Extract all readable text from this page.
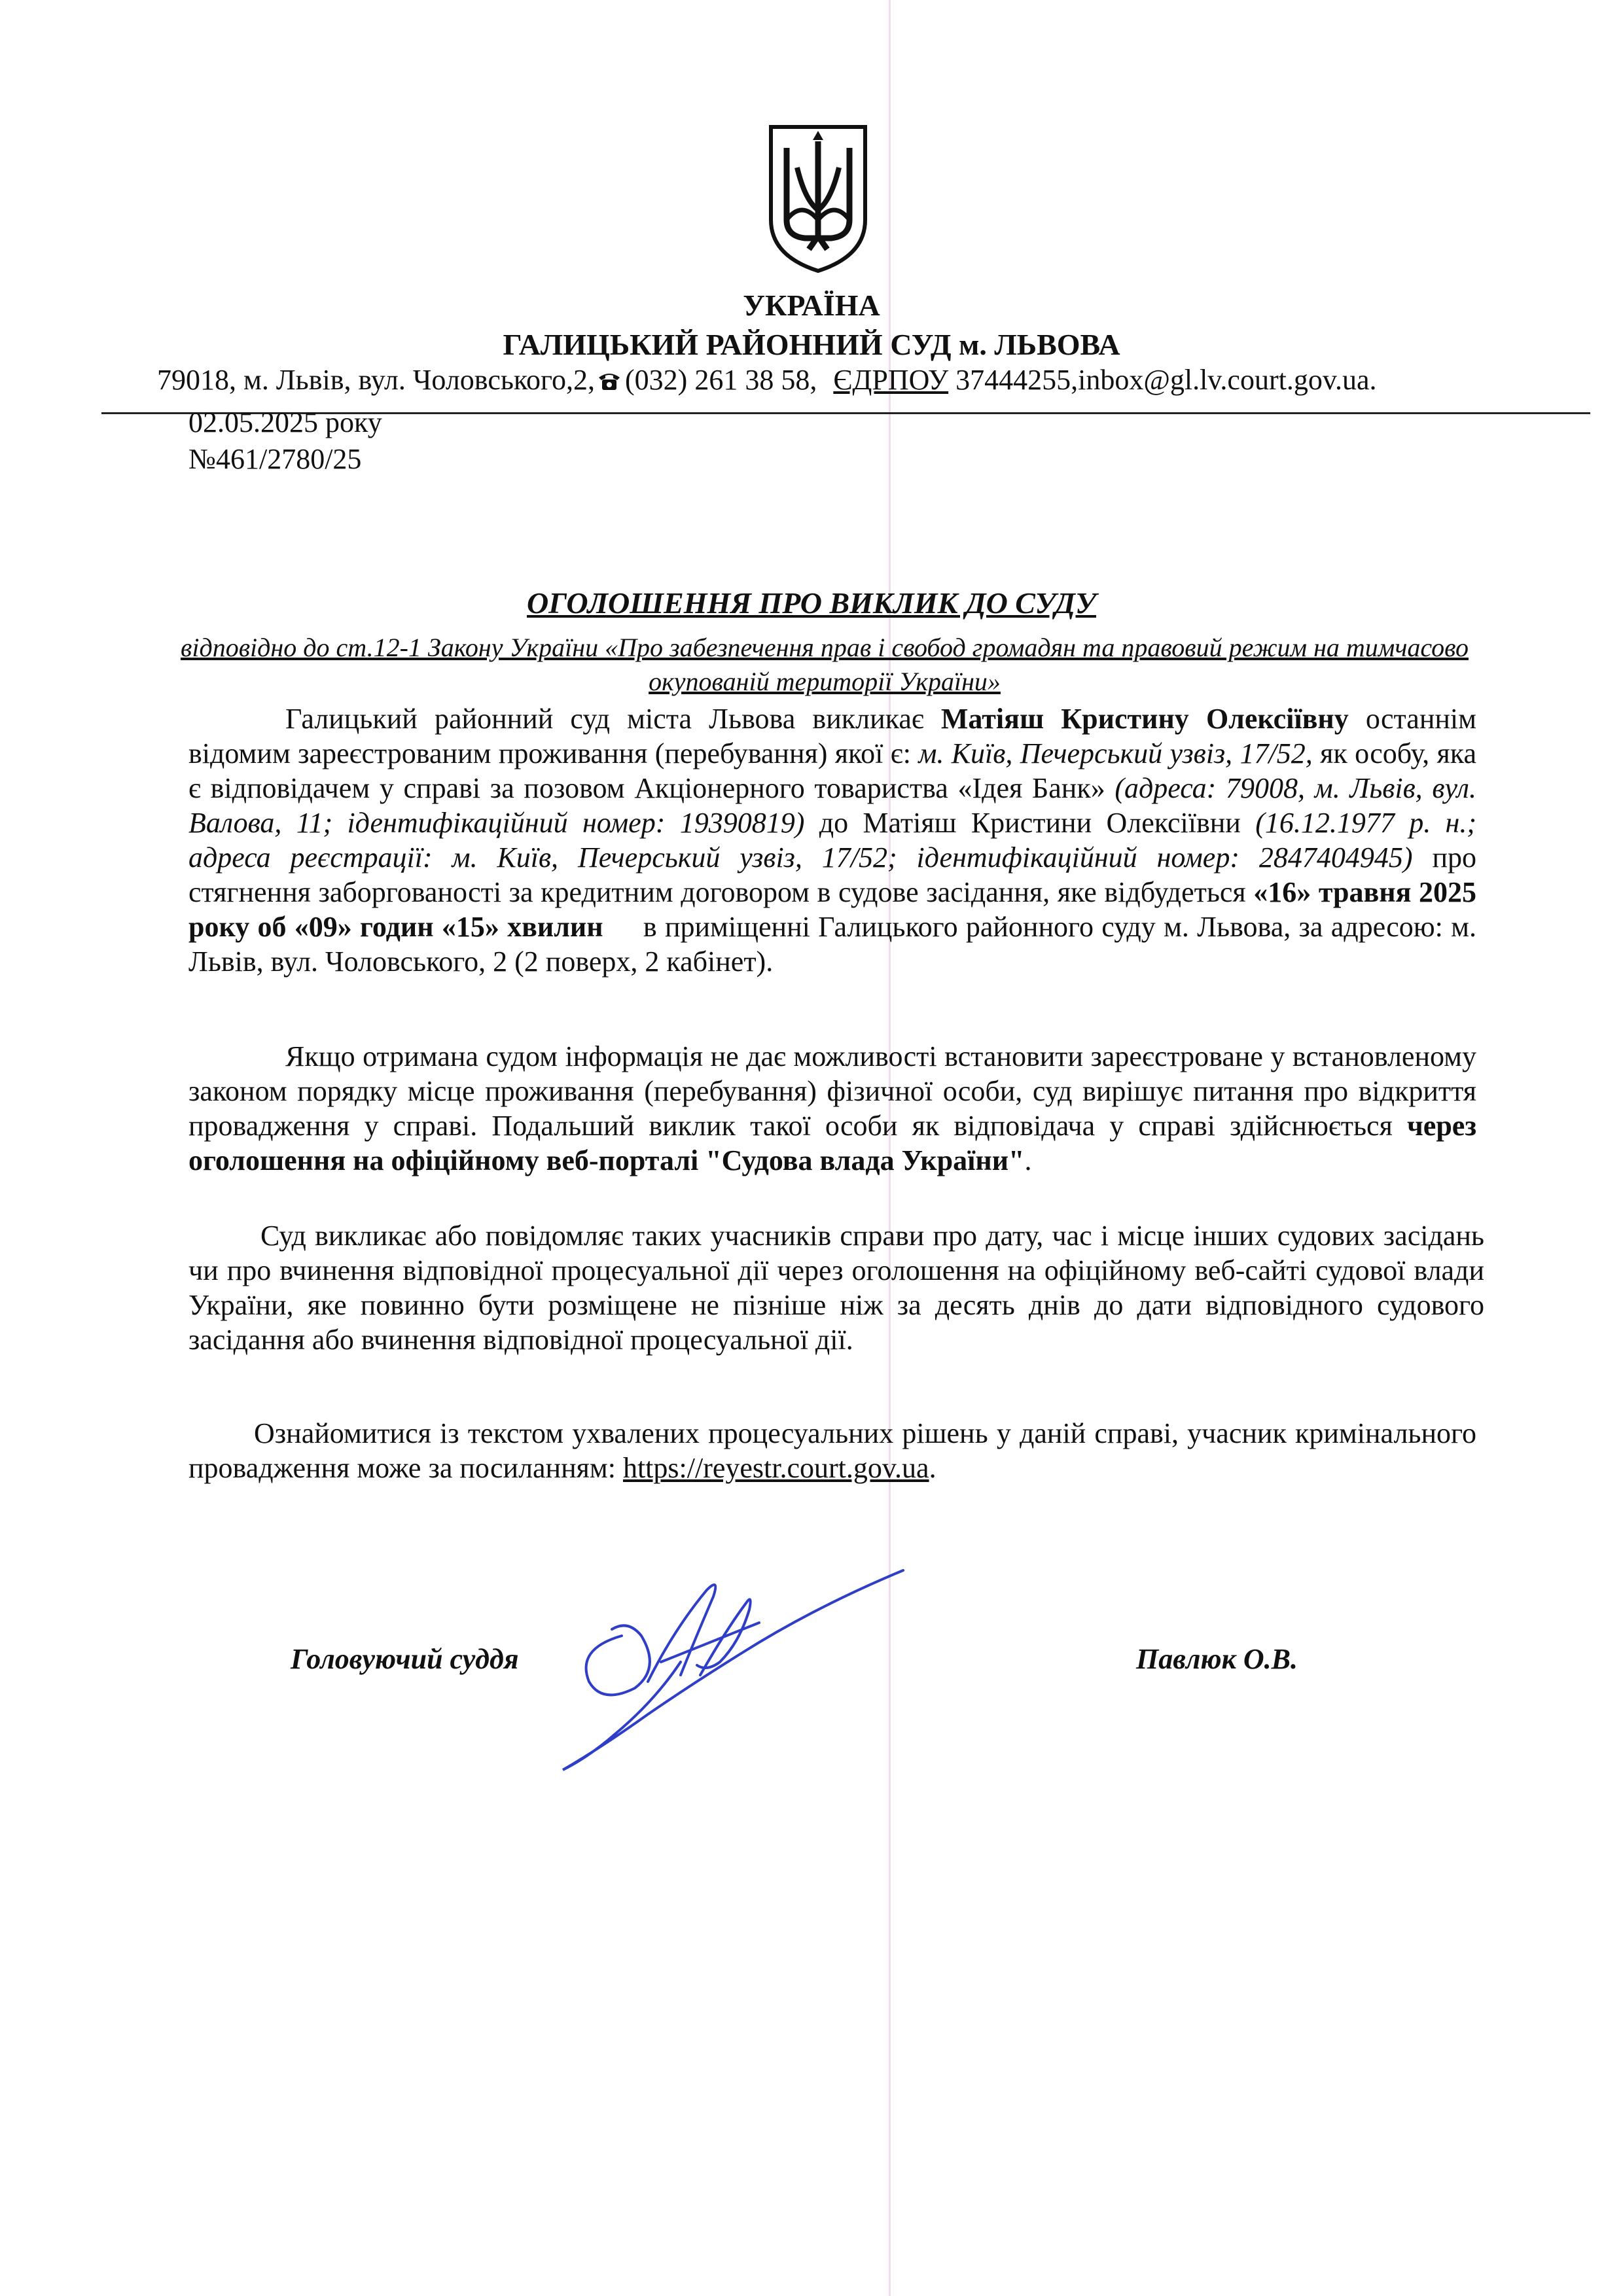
УКРАЇНА
ГАЛИЦЬКИЙ РАЙОННИЙ СУД м. ЛЬВОВА
79018, м. Львів, вул. Чоловського,2, (032) 261 38 58, ЄДРПОУ 37444255,inbox@gl.lv.court.gov.ua.
02.05.2025 року
№461/2780/25
ОГОЛОШЕННЯ ПРО ВИКЛИК ДО СУДУ
відповідно до ст.12-1 Закону України «Про забезпечення прав і свобод громадян та правовий режим на тимчасово окупованій території України»

Галицький районний суд міста Львова викликає Матіяш Кристину Олексіївну останнім відомим зареєстрованим проживання (перебування) якої є: м. Київ, Печерський узвіз, 17/52, як особу, яка є відповідачем у справі за позовом Акціонерного товариства «Ідея Банк» (адреса: 79008, м. Львів, вул. Валова, 11; ідентифікаційний номер: 19390819) до Матіяш Кристини Олексіївни (16.12.1977 р. н.; адреса реєстрації: м. Київ, Печерський узвіз, 17/52; ідентифікаційний номер: 2847404945) про стягнення заборгованості за кредитним договором в судове засідання, яке відбудеться «16» травня 2025 року об «09» годин «15» хвилин     в приміщенні Галицького районного суду м. Львова, за адресою: м. Львів, вул. Чоловського, 2 (2 поверх, 2 кабінет).

Якщо отримана судом інформація не дає можливості встановити зареєстроване у встановленому законом порядку місце проживання (перебування) фізичної особи, суд вирішує питання про відкриття провадження у справі. Подальший виклик такої особи як відповідача у справі здійснюється через оголошення на офіційному веб-порталі "Судова влада України".

Суд викликає або повідомляє таких учасників справи про дату, час і місце інших судових засідань чи про вчинення відповідної процесуальної дії через оголошення на офіційному веб-сайті судової влади України, яке повинно бути розміщене не пізніше ніж за десять днів до дати відповідного судового засідання або вчинення відповідної процесуальної дії.

Ознайомитися із текстом ухвалених процесуальних рішень у даній справі, учасник кримінального провадження може за посиланням: https://reyestr.court.gov.ua.

Головуючий суддя	Павлюк О.В.
